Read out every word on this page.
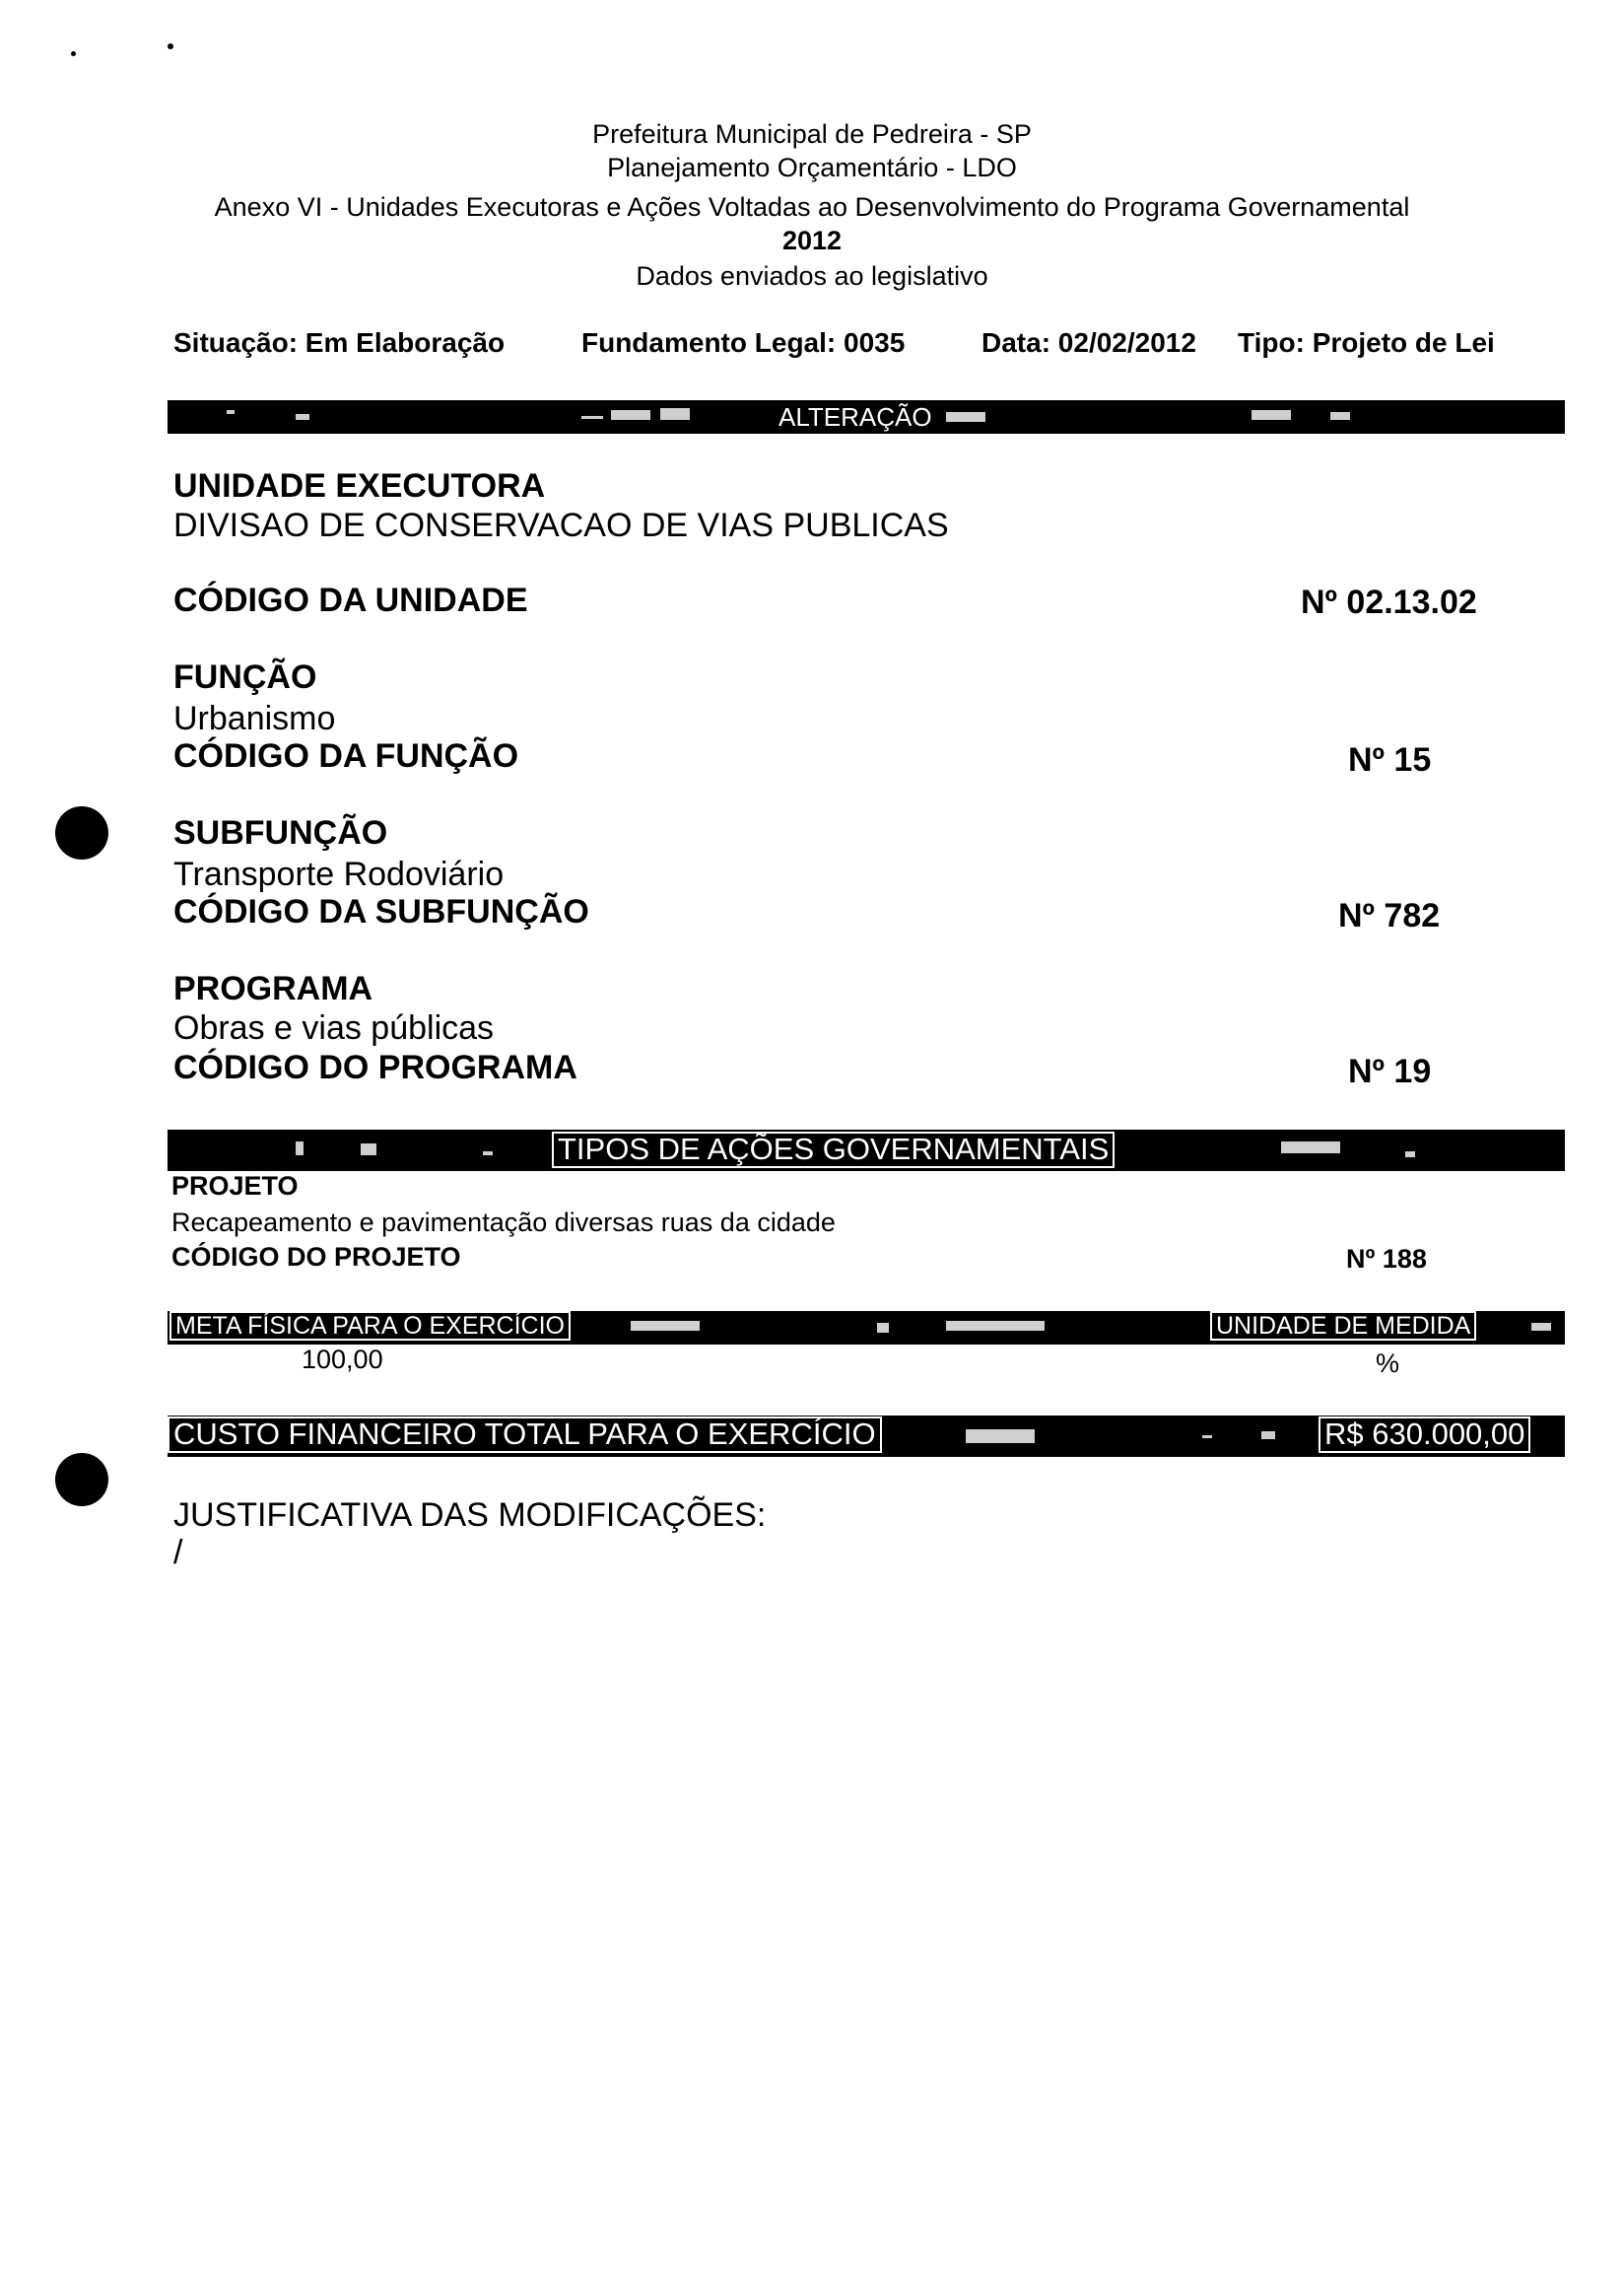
Prefeitura Municipal de Pedreira - SP
Planejamento Orçamentário - LDO
Anexo VI - Unidades Executoras e Ações Voltadas ao Desenvolvimento do Programa Governamental
2012
Dados enviados ao legislativo
Situação: Em Elaboração	Fundamento Legal: 0035	Data: 02/02/2012 Tipo: Projeto de Lei
ALTERAÇÃO
UNIDADE EXECUTORA
DIVISAO DE CONSERVACAO DE VIAS PUBLICAS
CÓDIGO DA UNIDADE	Nº 02.13.02
FUNÇÃO
Urbanismo
CÓDIGO DA FUNÇÃO	Nº 15
SUBFUNÇÃO
Transporte Rodoviário
CÓDIGO DA SUBFUNÇÃO	Nº 782
PROGRAMA
Obras e vias públicas
CÓDIGO DO PROGRAMA	Nº 19
TIPOS DE AÇÕES GOVERNAMENTAIS
PROJETO
Recapeamento e pavimentação diversas ruas da cidade
CÓDIGO DO PROJETO	Nº 188
META FÍSICA PARA O EXERCÍCIO	UNIDADE DE MEDIDA
100,00	%
CUSTO FINANCEIRO TOTAL PARA O EXERCÍCIO	R$ 630.000,00
JUSTIFICATIVA DAS MODIFICAÇÕES:
/
